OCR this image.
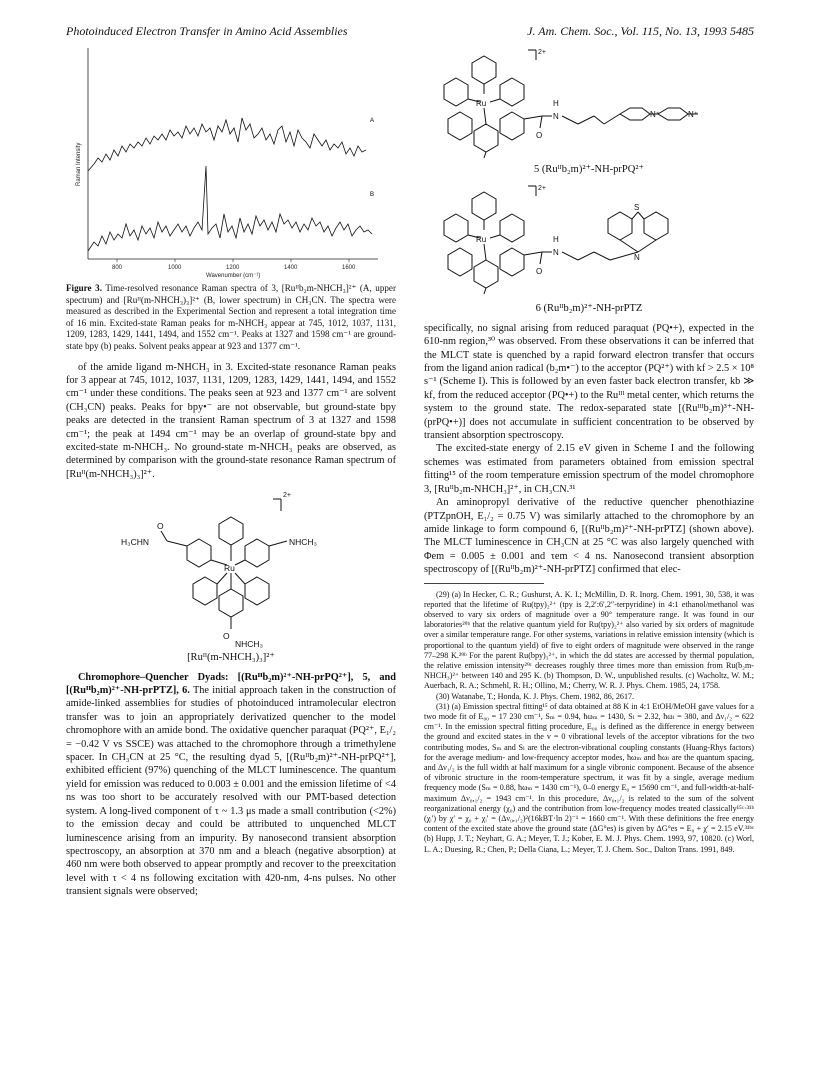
Photoinduced Electron Transfer in Amino Acid Assemblies	J. Am. Chem. Soc., Vol. 115, No. 13, 1993 5485
Raman Intensity
A
B
800	1000	1200	1400	1600
Wavenumber (cm⁻¹)
Figure 3. Time-resolved resonance Raman spectra of 3, [Ruᴵᴵb₂m-NHCH₃]²⁺ (A, upper spectrum) and [Ruᴵᴵ(m-NHCH₃)₃]²⁺ (B, lower spectrum) in CH₃CN. The spectra were measured as described in the Experimental Section and represent a total integration time of 16 min. Excited-state Raman peaks for m-NHCH₃ appear at 745, 1012, 1037, 1131, 1209, 1283, 1429, 1441, 1494, and 1552 cm⁻¹. Peaks at 1327 and 1598 cm⁻¹ are ground-state bpy (b) peaks. Solvent peaks appear at 923 and 1377 cm⁻¹.

of the amide ligand m-NHCH₃ in 3. Excited-state resonance Raman peaks for 3 appear at 745, 1012, 1037, 1131, 1209, 1283, 1429, 1441, 1494, and 1552 cm⁻¹ under these conditions. The peaks seen at 923 and 1377 cm⁻¹ are solvent (CH₃CN) peaks. Peaks for bpy•⁻ are not observable, but ground-state bpy peaks are detected in the transient Raman spectrum of 3 at 1327 and 1598 cm⁻¹; the peak at 1494 cm⁻¹ may be an overlap of ground-state bpy and excited-state m-NHCH₃. No ground-state m-NHCH₃ peaks are observed, as determined by comparison with the ground-state resonance Raman spectrum of [Ruᴵᴵ(m-NHCH₃)₃]²⁺.

Ru
2+
H₃CHN
O
NHCH₃
O
NHCH₃
[Ruᴵᴵ(m-NHCH₃)₃]²⁺

Chromophore–Quencher Dyads: [(Ruᴵᴵb₂m)²⁺-NH-prPQ²⁺], 5, and [(Ruᴵᴵb₂m)²⁺-NH-prPTZ], 6. The initial approach taken in the construction of amide-linked assemblies for studies of photoinduced intramolecular electron transfer was to join an appropriately derivatized quencher to the model chromophore with an amide bond. The oxidative quencher paraquat (PQ²⁺, E₁/₂ = −0.42 V vs SSCE) was attached to the chromophore through a trimethylene spacer. In CH₃CN at 25 °C, the resulting dyad 5, [(Ruᴵᴵb₂m)²⁺-NH-prPQ²⁺], exhibited efficient (97%) quenching of the MLCT luminescence. The quantum yield for emission was reduced to 0.003 ± 0.001 and the emission lifetime of <4 ns was too short to be accurately resolved with our PMT-based detection system. A long-lived component of τ ~ 1.3 μs made a small contribution (<2%) to the emission decay and could be attributed to unquenched MLCT luminescence arising from an impurity. By nanosecond transient absorption spectroscopy, an absorption at 370 nm and a bleach (negative absorption) at 460 nm were both observed to appear promptly and recover to the preexcitation level with τ < 4 ns following excitation with 420-nm, 4-ns pulses. No other transient signals were observed;

Ru
2+
H
N
O
N⁺	N⁺
5 (Ruᴵᴵb₂m)²⁺-NH-prPQ²⁺
Ru
2+
H
N
O
S
N
6 (Ruᴵᴵb₂m)²⁺-NH-prPTZ

specifically, no signal arising from reduced paraquat (PQ•+), expected in the 610-nm region,³⁰ was observed. From these observations it can be inferred that the MLCT state is quenched by a rapid forward electron transfer that occurs from the ligand anion radical (b₂m•⁻) to the acceptor (PQ²⁺) with kf > 2.5 × 10⁸ s⁻¹ (Scheme I). This is followed by an even faster back electron transfer, kb ≫ kf, from the reduced acceptor (PQ•+) to the Ruᴵᴵᴵ metal center, which returns the system to the ground state. The redox-separated state [(Ruᴵᴵᴵb₂m)³⁺-NH-(prPQ•+)] does not accumulate in sufficient concentration to be observed by transient absorption spectroscopy.

The excited-state energy of 2.15 eV given in Scheme I and the following schemes was estimated from parameters obtained from emission spectral fitting¹⁵ of the room temperature emission spectrum of the model chromophore 3, [Ruᴵᴵb₂m-NHCH₃]²⁺, in CH₃CN.³¹

An aminopropyl derivative of the reductive quencher phenothiazine (PTZpnOH, E₁/₂ = 0.75 V) was similarly attached to the chromophore by an amide linkage to form compound 6, [(Ruᴵᴵb₂m)²⁺-NH-prPTZ] (shown above). The MLCT luminescence in CH₃CN at 25 °C was also largely quenched with Φem = 0.005 ± 0.001 and τem < 4 ns. Nanosecond transient absorption spectroscopy of [(Ruᴵᴵb₂m)²⁺-NH-prPTZ] confirmed that elec-

(29) (a) In Hecker, C. R.; Gushurst, A. K. I.; McMillin, D. R. Inorg. Chem. 1991, 30, 538, it was reported that the lifetime of Ru(tpy)₂²⁺ (tpy is 2,2′:6′,2″-terpyridine) in 4:1 ethanol/methanol was observed to vary six orders of magnitude over a 90° temperature range. It was found in our laboratories²⁹ᵇ that the relative quantum yield for Ru(tpy)₂²⁺ also varied by six orders of magnitude over a similar temperature range. For other systems, variations in relative emission intensity (which is proportional to the quantum yield) of five to eight orders of magnitude were observed in the range 77–298 K.²⁹ᵇ For the parent Ru(bpy)₃²⁺, in which the dd states are accessed by thermal population, the relative emission intensity²⁹ᶜ decreases roughly three times more than emission from Ru(b₂m-NHCH₃)²⁺ between 140 and 295 K. (b) Thompson, D. W., unpublished results. (c) Wacholtz, W. M.; Auerbach, R. A.; Schmehl, R. H.; Ollino, M.; Cherry, W. R. J. Phys. Chem. 1985, 24, 1758.

(30) Watanabe, T.; Honda, K. J. Phys. Chem. 1982, 86, 2617.

(31) (a) Emission spectral fitting¹⁵ of data obtained at 88 K in 4:1 EtOH/MeOH gave values for a two mode fit of E₀₀ = 17 230 cm⁻¹, Sₘ = 0.94, ħωₘ = 1430, Sₗ = 2.32, ħωₗ = 380, and Δν₁/₂ = 622 cm⁻¹. In the emission spectral fitting procedure, E₀₀ is defined as the difference in energy between the ground and excited states in the v = 0 vibrational levels of the acceptor vibrations for the two contributing modes, Sₘ and Sₗ are the electron-vibrational coupling constants (Huang-Rhys factors) for the average medium- and low-frequency acceptor modes, ħωₘ and ħωₗ are the quantum spacing, and Δν₁/₂ is the full width at half maximum for a single vibronic component. Because of the absence of vibronic structure in the room-temperature spectrum, it was fit by a single, average medium frequency mode (Sₘ = 0.88, ħωₘ = 1430 cm⁻¹), 0–0 energy E₀ = 15690 cm⁻¹, and full-width-at-half-maximum Δν₀,₁/₂ = 1943 cm⁻¹. In this procedure, Δν₀,₁/₂ is related to the sum of the solvent reorganizational energy (χ₀) and the contribution from low-frequency modes treated classically¹⁵ᶜ·³¹ᵇ (χᵢ′) by χ′ = χ₀ + χᵢ′ = (Δν₀,₁/₂)²(16kBT·ln 2)⁻¹ = 1660 cm⁻¹. With these definitions the free energy content of the excited state above the ground state (ΔG°es) is given by ΔG°es = E₀ + χ′ = 2.15 eV.³¹ᵇᶜ (b) Hupp, J. T.; Neyhart, G. A.; Meyer, T. J.; Kober, E. M. J. Phys. Chem. 1993, 97, 10820. (c) Worl, L. A.; Duesing, R.; Chen, P.; Della Ciana, L.; Meyer, T. J. Chem. Soc., Dalton Trans. 1991, 849.
